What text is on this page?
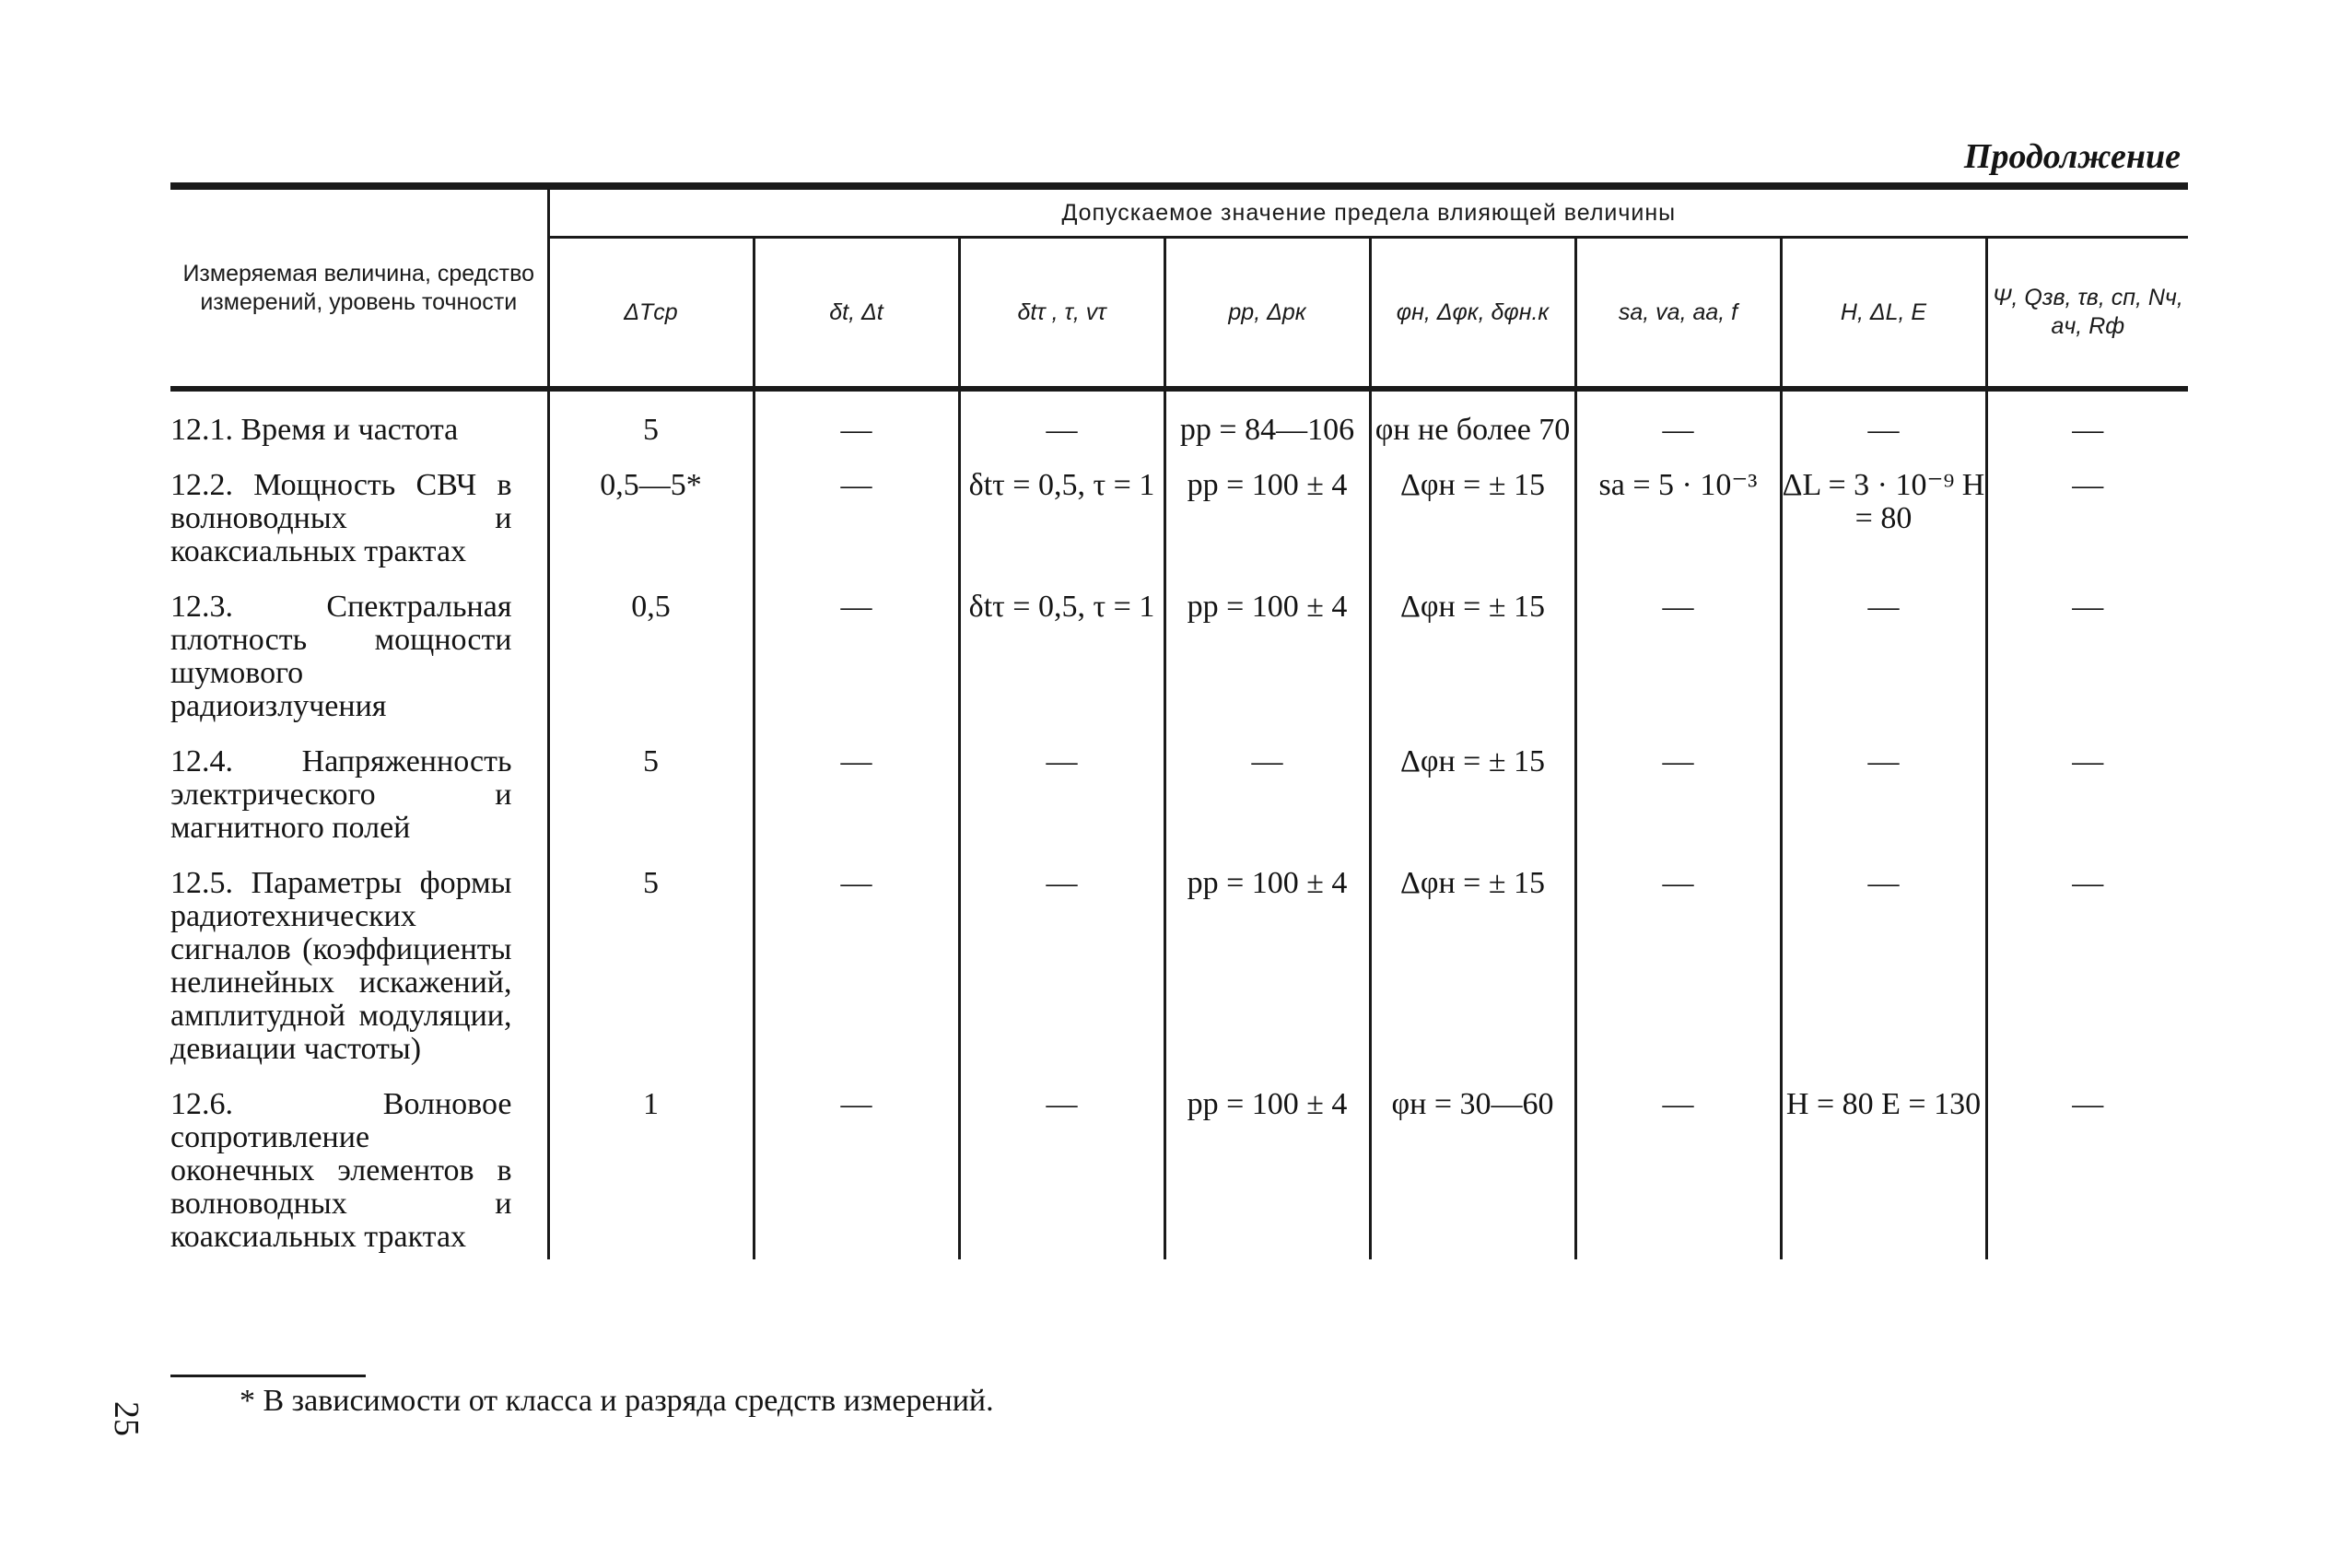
Продолжение
Измеряемая величина, средство измерений, уровень точности	Допускаемое значение предела влияющей величины							
	ΔTср	δt, Δt	δtτ , τ, vτ	pр, Δpк	φн, Δφк, δφн.к	sа, vа, aа, f	H, ΔL, E	Ψ, Qзв, τв, cп, Nч, aч, Rф
12.1. Время и частота	5	—	—	pр = 84—106	φн не более 70	—	—	—
12.2. Мощность СВЧ в волноводных и коаксиальных трактах	0,5—5*	—	δtτ = 0,5, τ = 1	pр = 100 ± 4	Δφн = ± 15	sа = 5 · 10⁻³	ΔL = 3 · 10⁻⁹ H = 80	—
12.3. Спектральная плотность мощности шумового радиоизлучения	0,5	—	δtτ = 0,5, τ = 1	pр = 100 ± 4	Δφн = ± 15	—	—	—
12.4. Напряженность электрического и магнитного полей	5	—	—	—	Δφн = ± 15	—	—	—
12.5. Параметры формы радиотехнических сигналов (коэффициенты нелинейных искажений, амплитудной модуляции, девиации частоты)	5	—	—	pр = 100 ± 4	Δφн = ± 15	—	—	—
12.6. Волновое сопротивление оконечных элементов в волноводных и коаксиальных трактах	1	—	—	pр = 100 ± 4	φн = 30—60	—	H = 80 E = 130	—
* В зависимости от класса и разряда средств измерений.
25
